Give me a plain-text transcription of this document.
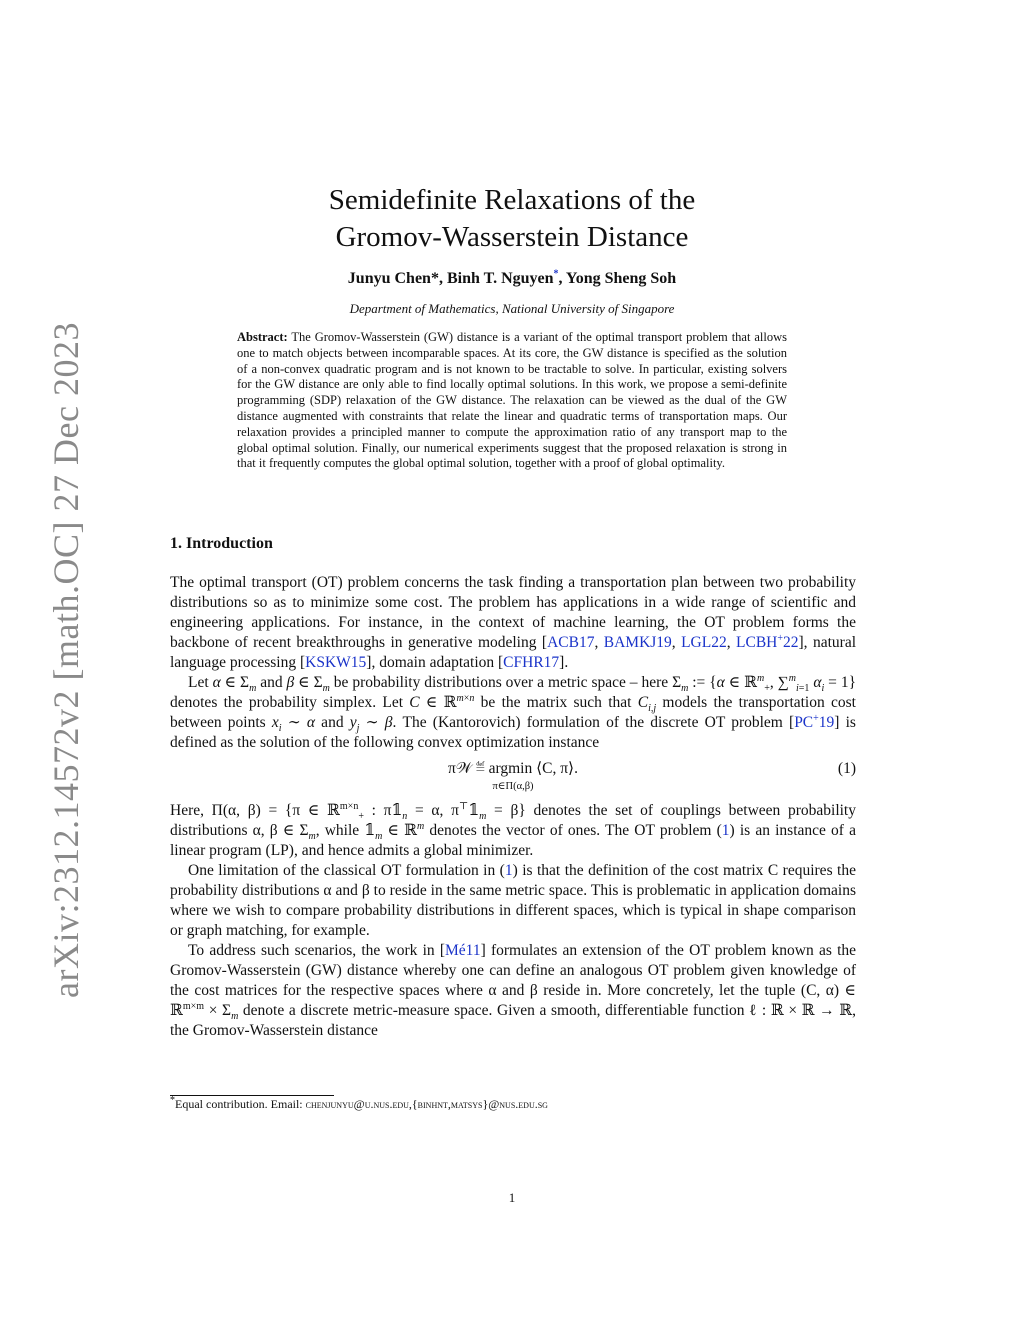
arXiv:2312.14572v2 [math.OC] 27 Dec 2023
Semidefinite Relaxations of the
Gromov-Wasserstein Distance
Junyu Chen*, Binh T. Nguyen*, Yong Sheng Soh
Department of Mathematics, National University of Singapore
Abstract: The Gromov-Wasserstein (GW) distance is a variant of the optimal transport problem that allows one to match objects between incomparable spaces. At its core, the GW distance is specified as the solution of a non-convex quadratic program and is not known to be tractable to solve. In particular, existing solvers for the GW distance are only able to find locally optimal solutions. In this work, we propose a semi-definite programming (SDP) relaxation of the GW distance. The relaxation can be viewed as the dual of the GW distance augmented with constraints that relate the linear and quadratic terms of transportation maps. Our relaxation provides a principled manner to compute the approximation ratio of any transport map to the global optimal solution. Finally, our numerical experiments suggest that the proposed relaxation is strong in that it frequently computes the global optimal solution, together with a proof of global optimality.
1. Introduction

The optimal transport (OT) problem concerns the task finding a transportation plan between two probability distributions so as to minimize some cost. The problem has applications in a wide range of scientific and engineering applications. For instance, in the context of machine learning, the OT problem forms the backbone of recent breakthroughs in generative modeling [ACB17, BAMKJ19, LGL22, LCBH+22], natural language processing [KSKW15], domain adaptation [CFHR17].

Let α ∈ $\Sigma_m$ and β ∈ $\Sigma_m$ be probability distributions over a metric space – here $\Sigma_m$ := {α ∈ ℝ$^m_+$, ∑$^m_{i=1}$ $\alpha_i = 1$} denotes the probability simplex. Let C ∈ ℝ$^{m\times n}$ be the matrix such that $C_{i,j}$ models the transportation cost between points $x_i$ ∼ α and $y_j$ ∼ β. The (Kantorovich) formulation of the discrete OT problem [PC+19] is defined as the solution of the following convex optimization instance

π𝒲 ≝ argmin ⟨C, π⟩.
π∈Π(α,β)
(1)

Here, Π(α, β) = {π ∈ ℝ$^{m\times n}_+$ : $\pi 𝟙_n = \alpha$, $\pi^⊤𝟙_m = \beta$} denotes the set of couplings between probability distributions α, β ∈ $\Sigma_m$, while $𝟙_m$ ∈ ℝ$^m$ denotes the vector of ones. The OT problem (1) is an instance of a linear program (LP), and hence admits a global minimizer.

One limitation of the classical OT formulation in (1) is that the definition of the cost matrix C requires the probability distributions α and β to reside in the same metric space. This is problematic in application domains where we wish to compare probability distributions in different spaces, which is typical in shape comparison or graph matching, for example.

To address such scenarios, the work in [Mé11] formulates an extension of the OT problem known as the Gromov-Wasserstein (GW) distance whereby one can define an analogous OT problem given knowledge of the cost matrices for the respective spaces where α and β reside in. More concretely, let the tuple (C, α) ∈ ℝ$^{m\times m}$ × $\Sigma_m$ denote a discrete metric-measure space. Given a smooth, differentiable function ℓ : ℝ × ℝ → ℝ, the Gromov-Wasserstein distance

*Equal contribution. Email: chenjunyu@u.nus.edu,{binhnt,matsys}@nus.edu.sg
1
